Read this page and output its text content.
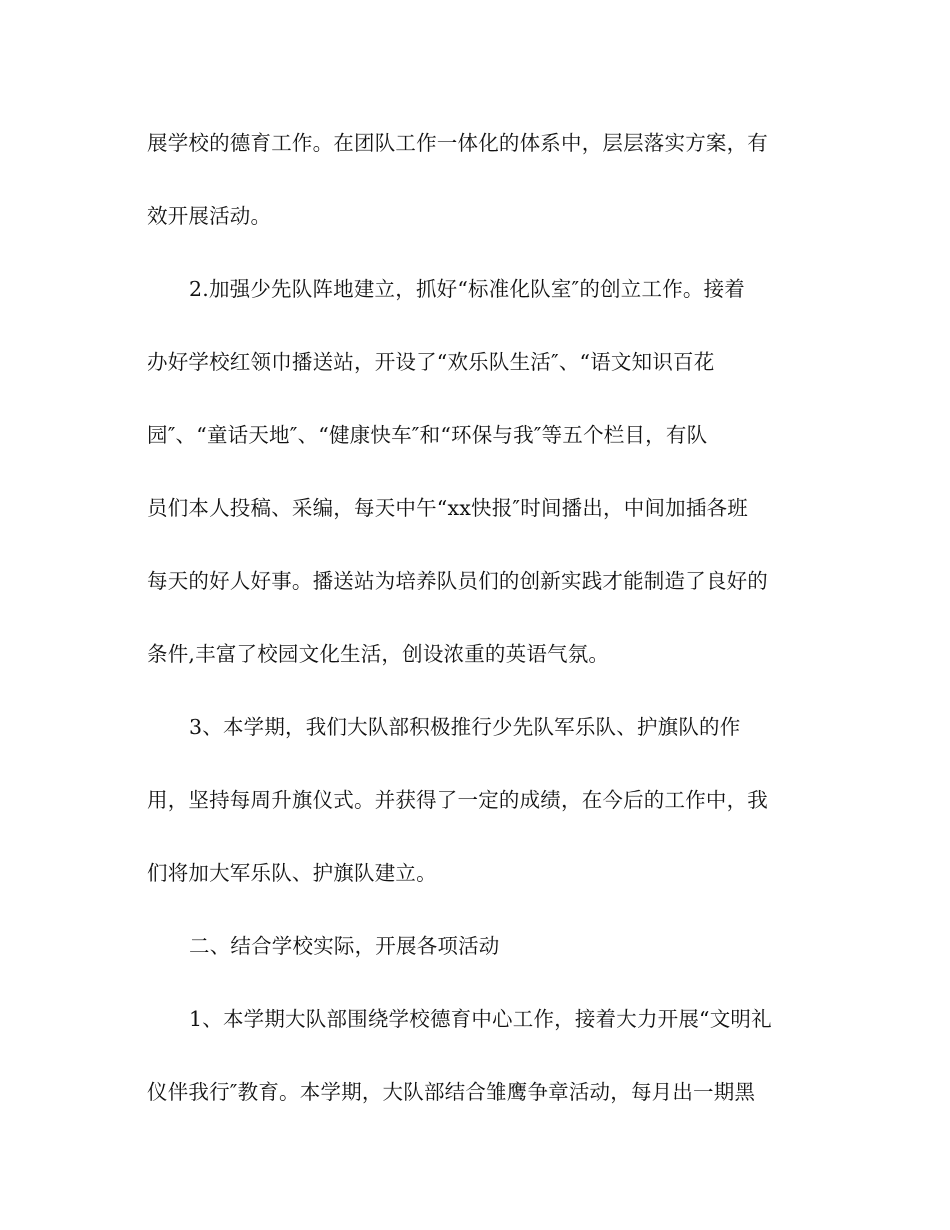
展学校的德育工作。在团队工作一体化的体系中，层层落实方案，有
效开展活动。
2.加强少先队阵地建立，抓好“标准化队室″的创立工作。接着
办好学校红领巾播送站，开设了“欢乐队生活″、“语文知识百花
园″、“童话天地″、“健康快车″和“环保与我″等五个栏目，有队
员们本人投稿、采编，每天中午“xx快报″时间播出，中间加插各班
每天的好人好事。播送站为培养队员们的创新实践才能制造了良好的
条件,丰富了校园文化生活，创设浓重的英语气氛。
3、本学期，我们大队部积极推行少先队军乐队、护旗队的作
用，坚持每周升旗仪式。并获得了一定的成绩，在今后的工作中，我
们将加大军乐队、护旗队建立。
二、结合学校实际，开展各项活动
1、本学期大队部围绕学校德育中心工作，接着大力开展“文明礼
仪伴我行″教育。本学期，大队部结合雏鹰争章活动，每月出一期黑
